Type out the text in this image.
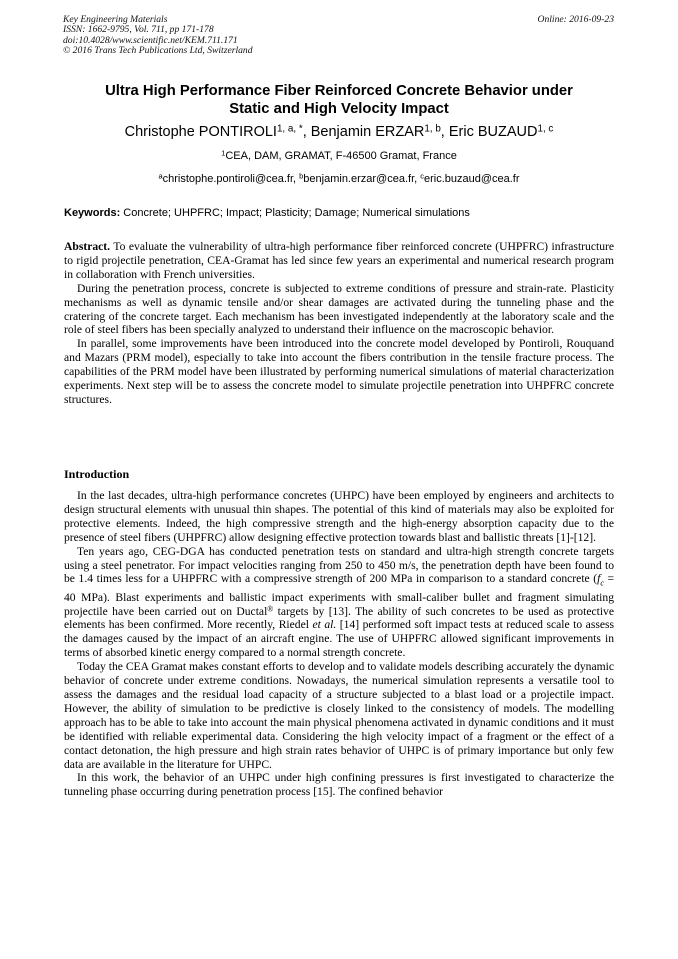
Key Engineering Materials
ISSN: 1662-9795, Vol. 711, pp 171-178
doi:10.4028/www.scientific.net/KEM.711.171
© 2016 Trans Tech Publications Ltd, Switzerland
Online: 2016-09-23
Ultra High Performance Fiber Reinforced Concrete Behavior under
Static and High Velocity Impact
Christophe $PONTIROLI^{1, a, *}$, Benjamin ERZAR$^{1, b}$, Eric BUZAUD$^{1, c}$
$^1$CEA, DAM, GRAMAT, F-46500 Gramat, France
$^a$christophe.pontiroli@cea.fr, $^b$benjamin.erzar@cea.fr, $^c$eric.buzaud@cea.fr
Keywords: Concrete; UHPFRC; Impact; Plasticity; Damage; Numerical simulations

Abstract. To evaluate the vulnerability of ultra-high performance fiber reinforced concrete (UHPFRC) infrastructure to rigid projectile penetration, CEA-Gramat has led since few years an experimental and numerical research program in collaboration with French universities.

During the penetration process, concrete is subjected to extreme conditions of pressure and strain-rate. Plasticity mechanisms as well as dynamic tensile and/or shear damages are activated during the tunneling phase and the cratering of the concrete target. Each mechanism has been investigated independently at the laboratory scale and the role of steel fibers has been specially analyzed to understand their influence on the macroscopic behavior.

In parallel, some improvements have been introduced into the concrete model developed by Pontiroli, Rouquand and Mazars (PRM model), especially to take into account the fibers contribution in the tensile fracture process. The capabilities of the PRM model have been illustrated by performing numerical simulations of material characterization experiments. Next step will be to assess the concrete model to simulate projectile penetration into UHPFRC concrete structures.

Introduction

In the last decades, ultra-high performance concretes (UHPC) have been employed by engineers and architects to design structural elements with unusual thin shapes. The potential of this kind of materials may also be exploited for protective elements. Indeed, the high compressive strength and the high-energy absorption capacity due to the presence of steel fibers (UHPFRC) allow designing effective protection towards blast and ballistic threats [1]-[12].

Ten years ago, CEG-DGA has conducted penetration tests on standard and ultra-high strength concrete targets using a steel penetrator. For impact velocities ranging from 250 to 450 m/s, the penetration depth have been found to be 1.4 times less for a UHPFRC with a compressive strength of 200 MPa in comparison to a standard concrete ($f_c = 40$ MPa). Blast experiments and ballistic impact experiments with small-caliber bullet and fragment simulating projectile have been carried out on Ductal® targets by [13]. The ability of such concretes to be used as protective elements has been confirmed. More recently, Riedel et al. [14] performed soft impact tests at reduced scale to assess the damages caused by the impact of an aircraft engine. The use of UHPFRC allowed significant improvements in terms of absorbed kinetic energy compared to a normal strength concrete.

Today the CEA Gramat makes constant efforts to develop and to validate models describing accurately the dynamic behavior of concrete under extreme conditions. Nowadays, the numerical simulation represents a versatile tool to assess the damages and the residual load capacity of a structure subjected to a blast load or a projectile impact. However, the ability of simulation to be predictive is closely linked to the consistency of models. The modelling approach has to be able to take into account the main physical phenomena activated in dynamic conditions and it must be identified with reliable experimental data. Considering the high velocity impact of a fragment or the effect of a contact detonation, the high pressure and high strain rates behavior of UHPC is of primary importance but only few data are available in the literature for UHPC.

In this work, the behavior of an UHPC under high confining pressures is first investigated to characterize the tunneling phase occurring during penetration process [15]. The confined behavior
